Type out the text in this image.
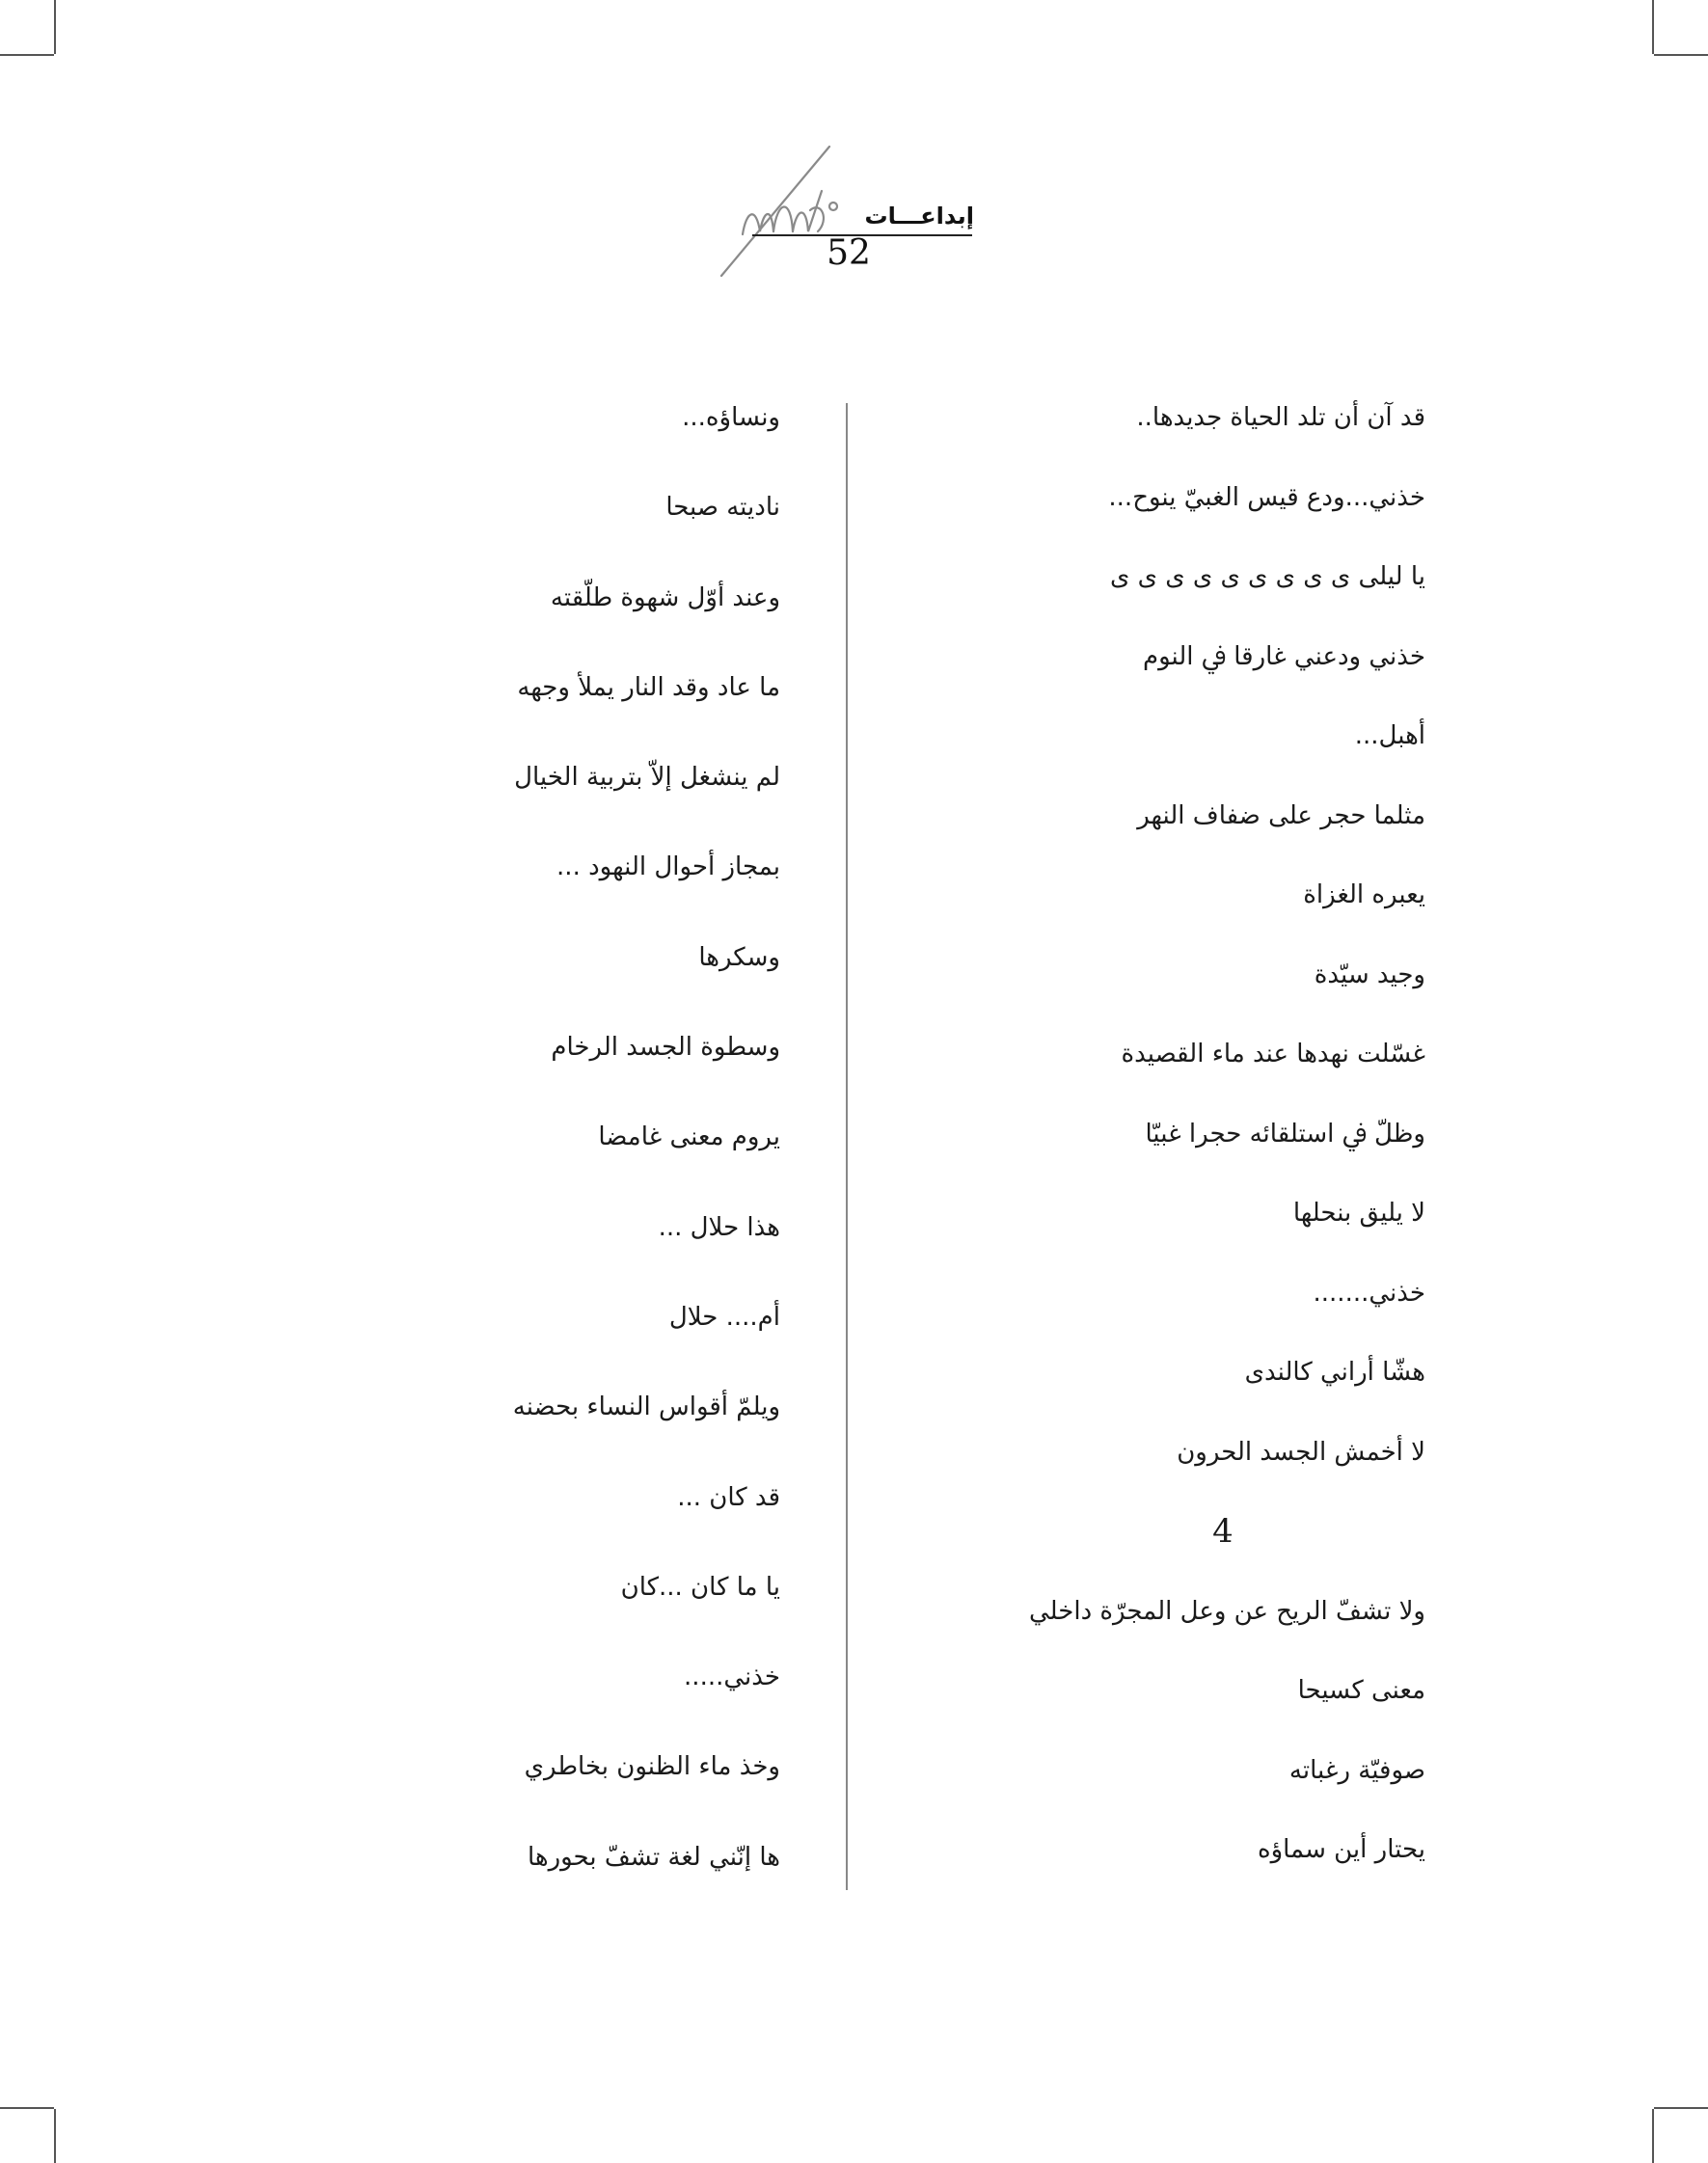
إبداعـــات
52
قد آن أن تلد الحياة جديدها..
خذني...ودع قيس الغبيّ ينوح...
يا ليلى ى ى ى ى ى ى ى ى ى
خذني ودعني غارقا ﰲ النوم
أهبل...
مثلما حجر على ضفاف النهر
يعبره الغزاة
وجيد سيّدة
غسّلت نهدها عند ماء القصيدة
وظلّ ﰲ استلقائه حجرا غبيّا
لا يليق بنحلها
خذني.......
هشّا أراني كالندى
لا أخمش الجسد الحرون
4
ولا تشفّ الريح عن وعل المجرّة داخلي
معنى كسيحا
صوفيّة رغباته
يحتار أين سماؤه
ونساؤه...
ناديته صبحا
وعند أوّل شهوة طلّقته
ما عاد وقد النار يملأ وجهه
لم ينشغل إلاّ بتربية الخيال
بمجاز أحوال النهود ...
وسكرها
وسطوة الجسد الرخام
يروم معنى غامضا
هذا حلال ...
أم.... حلال
ويلمّ أقواس النساء بحضنه
قد كان ...
يا ما كان ...كان
خذني.....
وخذ ماء الظنون بخاطري
ها إنّني لغة تشفّ بحورها
